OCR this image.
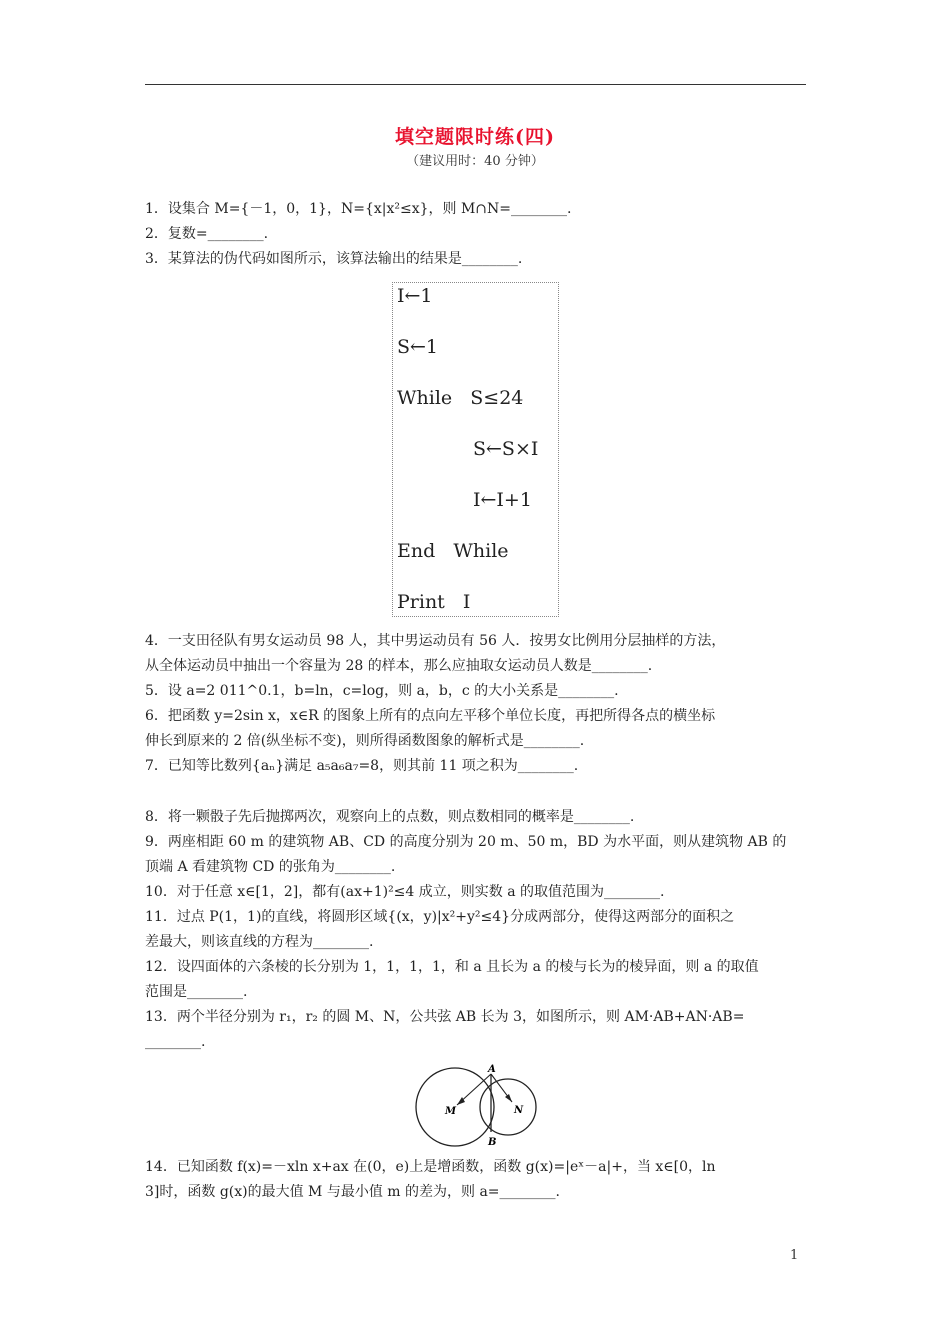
填空题限时练(四)
（建议用时：40 分钟）
1．设集合 M={－1，0，1}，N={x|x²≤x}，则 M∩N=________.
2．复数=________.
3．某算法的伪代码如图所示，该算法输出的结果是________.
I←1
S←1
While   S≤24
S←S×I
I←I+1
End   While
Print   I
4．一支田径队有男女运动员 98 人，其中男运动员有 56 人．按男女比例用分层抽样的方法，
从全体运动员中抽出一个容量为 28 的样本，那么应抽取女运动员人数是________.
5．设 a=2 011^0.1，b=ln，c=log，则 a，b，c 的大小关系是________.
6．把函数 y=2sin x，x∈R 的图象上所有的点向左平移个单位长度，再把所得各点的横坐标
伸长到原来的 2 倍(纵坐标不变)，则所得函数图象的解析式是________.
7．已知等比数列{aₙ}满足 a₅a₆a₇=8，则其前 11 项之积为________.
8．将一颗骰子先后抛掷两次，观察向上的点数，则点数相同的概率是________.
9．两座相距 60 m 的建筑物 AB、CD 的高度分别为 20 m、50 m，BD 为水平面，则从建筑物 AB 的
顶端 A 看建筑物 CD 的张角为________.
10．对于任意 x∈[1，2]，都有(ax+1)²≤4 成立，则实数 a 的取值范围为________.
11．过点 P(1，1)的直线，将圆形区域{(x，y)|x²+y²≤4}分成两部分，使得这两部分的面积之
差最大，则该直线的方程为________.
12．设四面体的六条棱的长分别为 1，1，1，1，和 a 且长为 a 的棱与长为的棱异面，则 a 的取值
范围是________.
13．两个半径分别为 r₁，r₂ 的圆 M、N，公共弦 AB 长为 3，如图所示，则 AM·AB+AN·AB=
________.
A
B
M	N
14．已知函数 f(x)=－xln x+ax 在(0，e)上是增函数，函数 g(x)=|eˣ－a|+，当 x∈[0，ln
3]时，函数 g(x)的最大值 M 与最小值 m 的差为，则 a=________.
1
